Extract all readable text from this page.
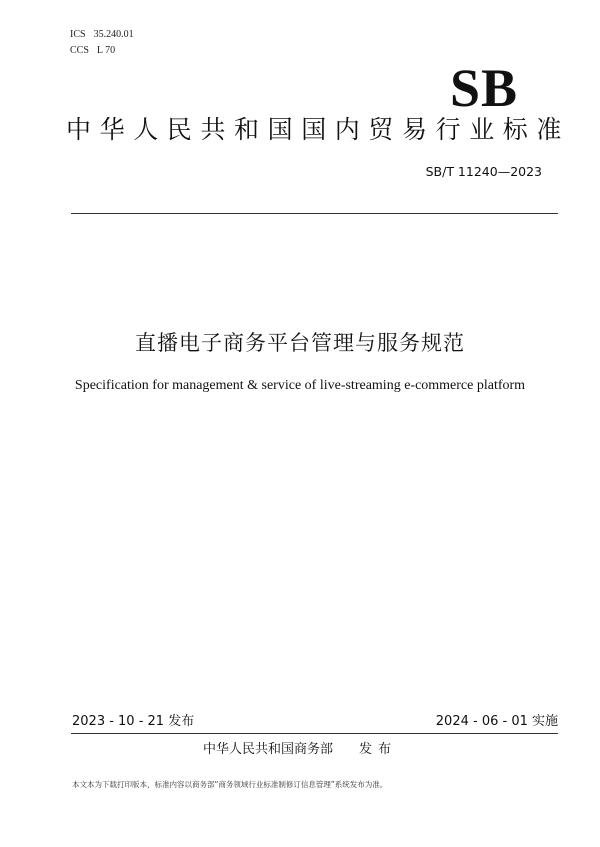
ICS 35.240.01
CCS L 70
SB
中华人民共和国国内贸易行业标准
SB/T 11240—2023
直播电子商务平台管理与服务规范
Specification for management & service of live-streaming e-commerce platform
2023 - 10 - 21 发布	2024 - 06 - 01 实施
中华人民共和国商务部 发布
本文本为下载打印版本，标准内容以商务部“商务领域行业标准制修订信息管理”系统发布为准。
